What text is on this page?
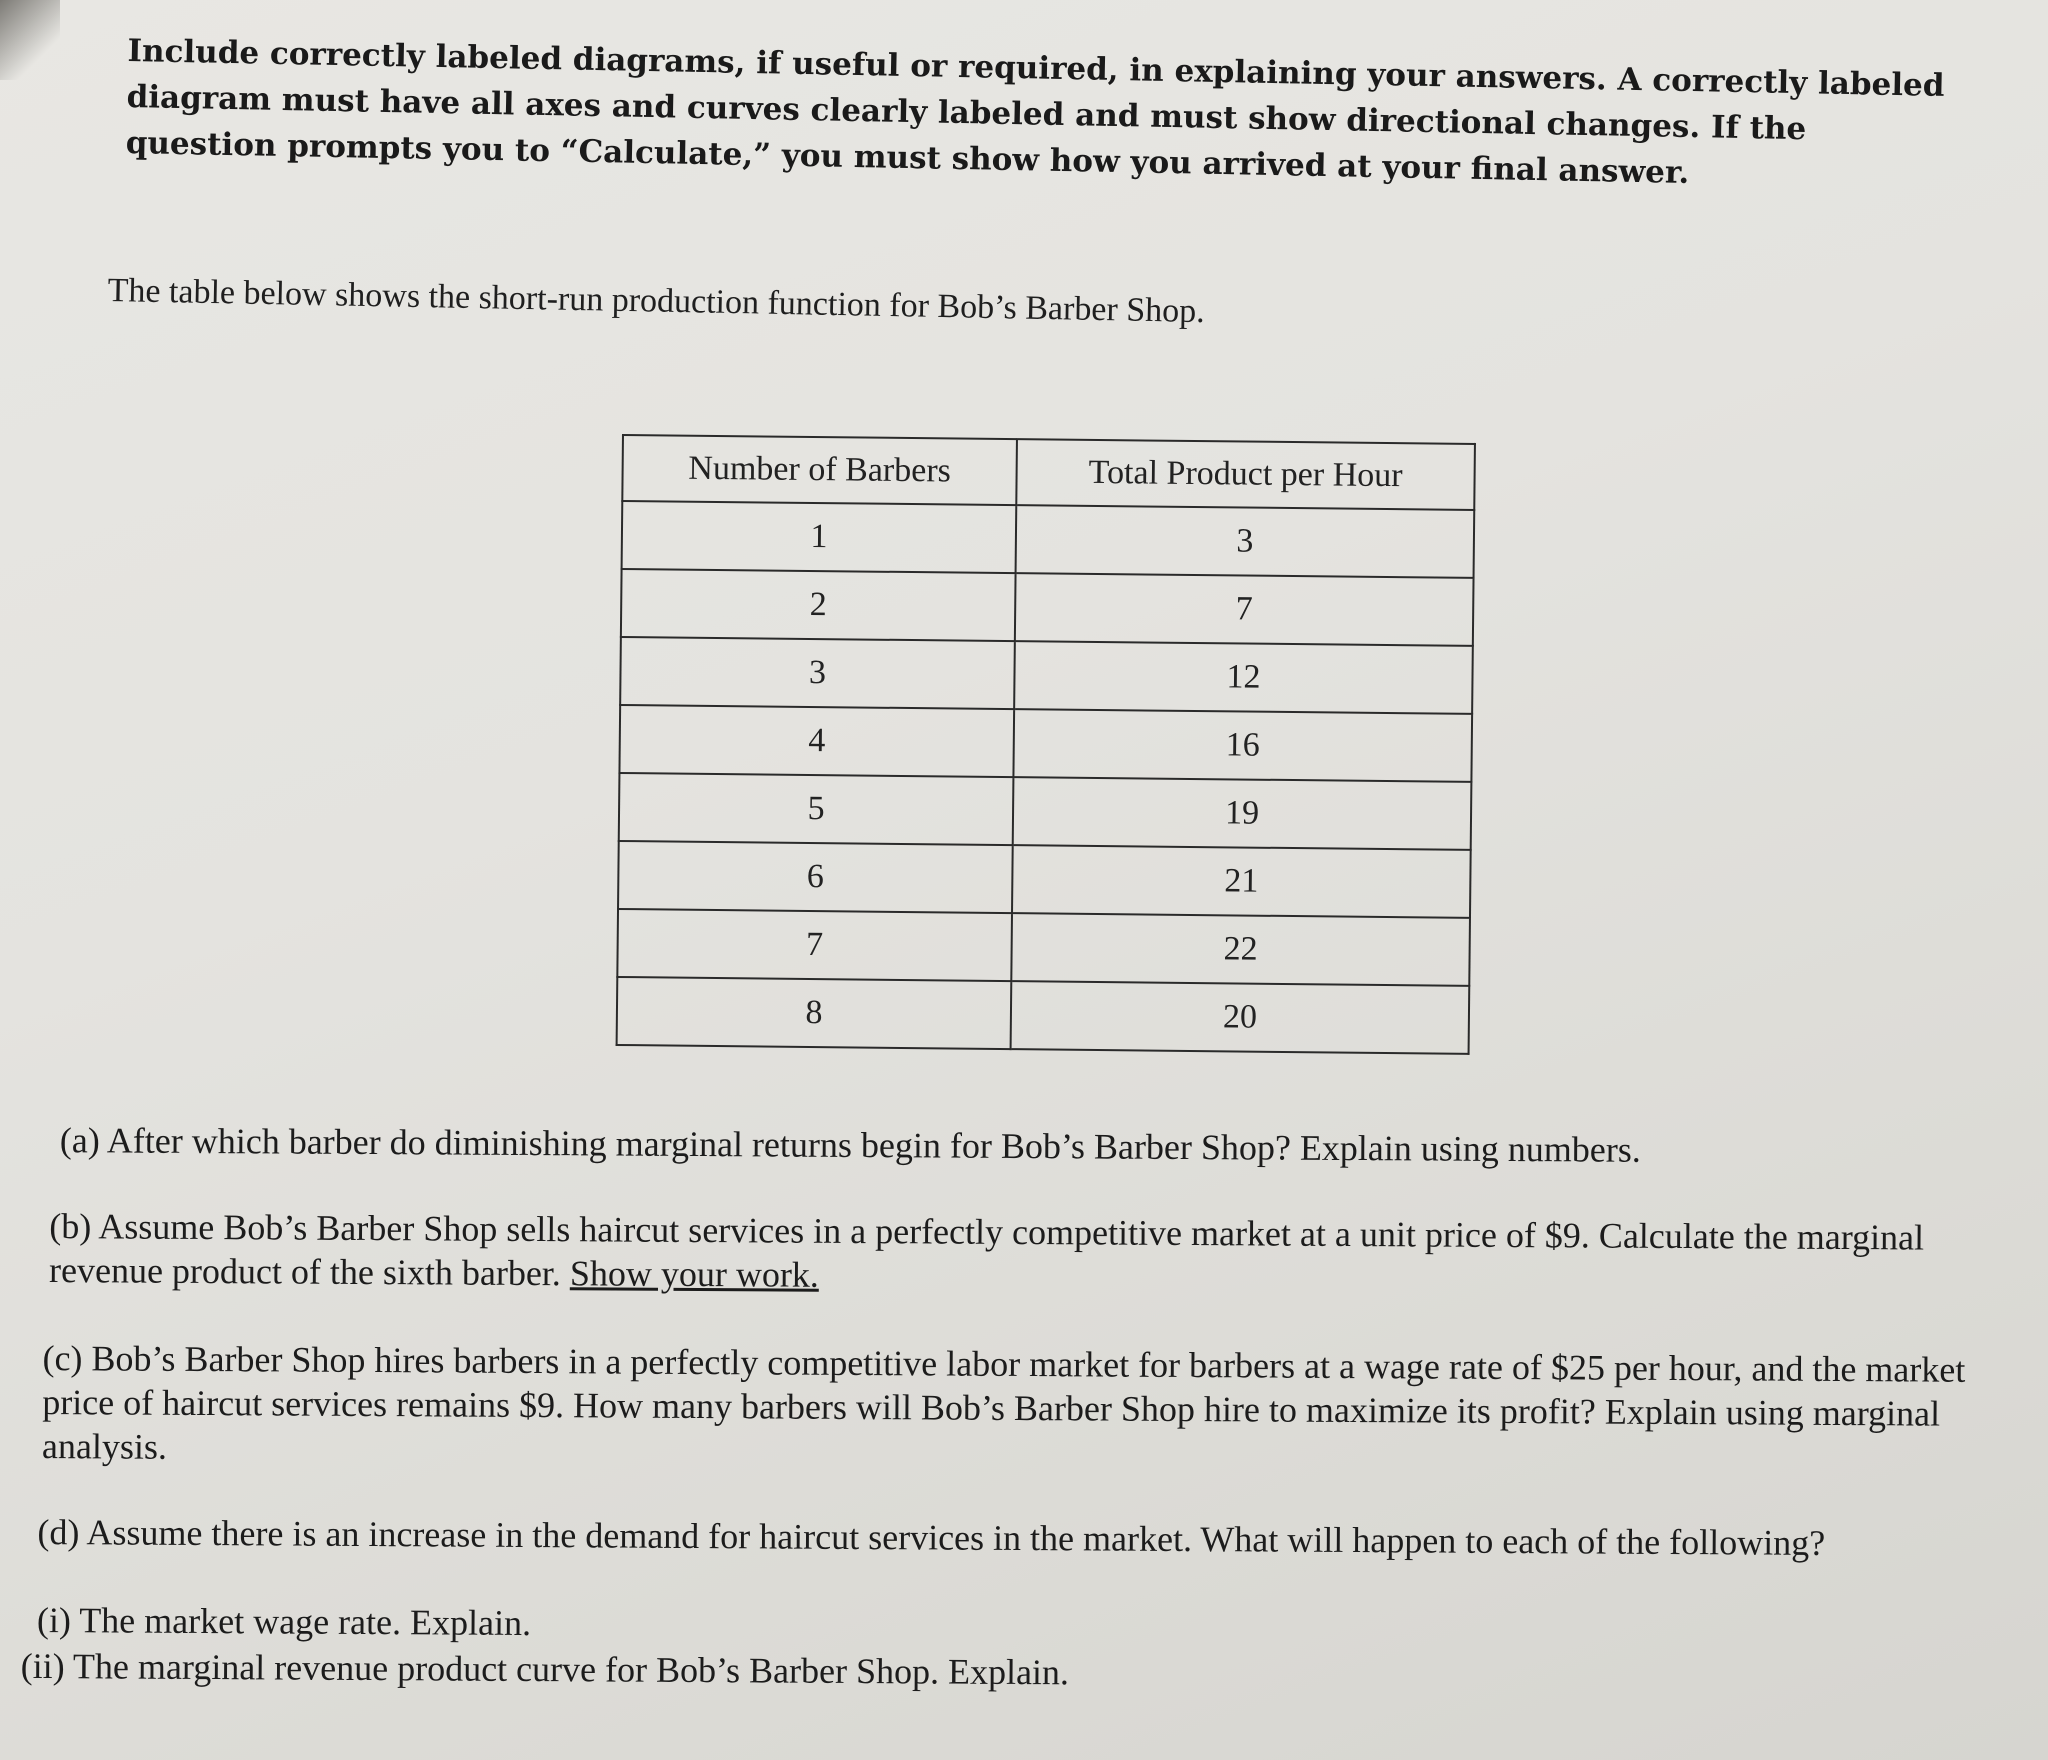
Include correctly labeled diagrams, if useful or required, in explaining your answers. A correctly labeled diagram must have all axes and curves clearly labeled and must show directional changes. If the question prompts you to “Calculate,” you must show how you arrived at your final answer.
The table below shows the short-run production function for Bob’s Barber Shop.
Number of Barbers	Total Product per Hour
1	3
2	7
3	12
4	16
5	19
6	21
7	22
8	20
(a) After which barber do diminishing marginal returns begin for Bob’s Barber Shop? Explain using numbers.
(b) Assume Bob’s Barber Shop sells haircut services in a perfectly competitive market at a unit price of $9. Calculate the marginal revenue product of the sixth barber. Show your work.
(c) Bob’s Barber Shop hires barbers in a perfectly competitive labor market for barbers at a wage rate of $25 per hour, and the market price of haircut services remains $9. How many barbers will Bob’s Barber Shop hire to maximize its profit? Explain using marginal analysis.
(d) Assume there is an increase in the demand for haircut services in the market. What will happen to each of the following?
(i) The market wage rate. Explain.
(ii) The marginal revenue product curve for Bob’s Barber Shop. Explain.
